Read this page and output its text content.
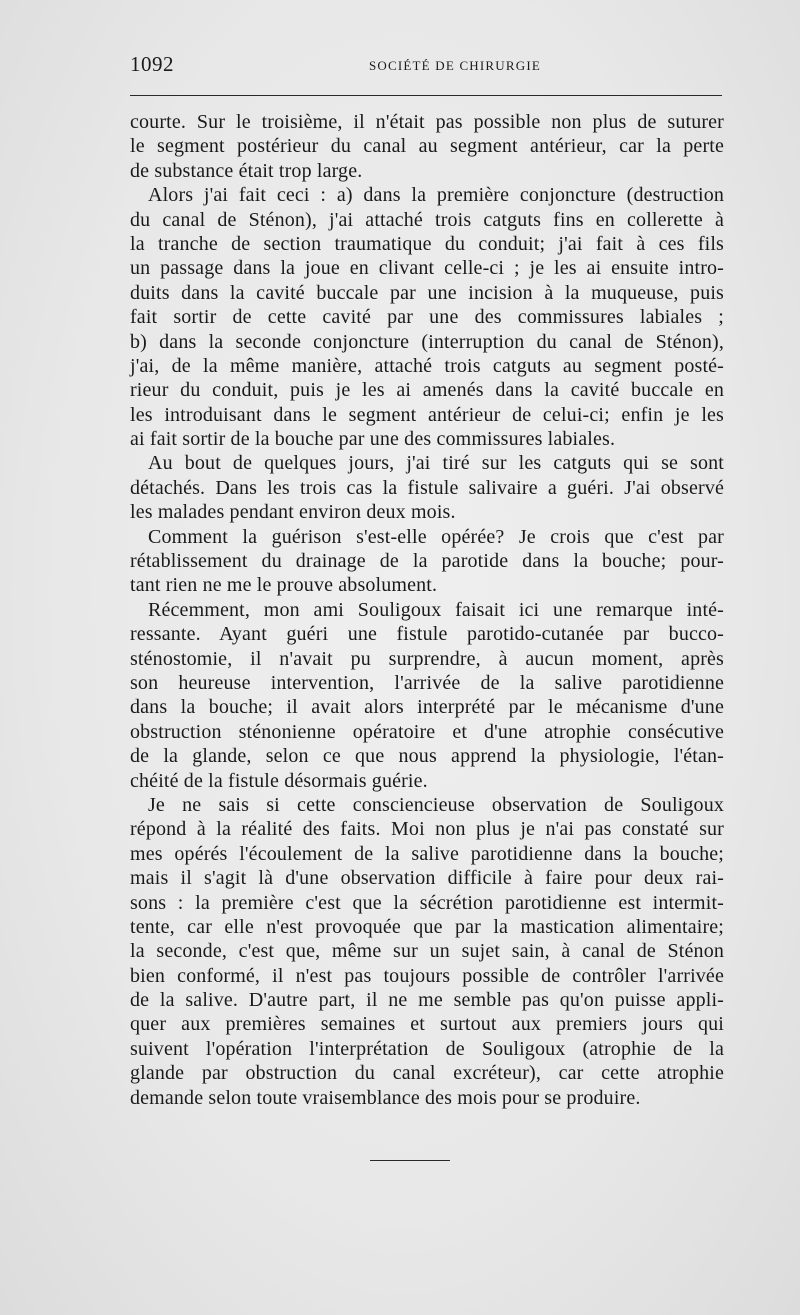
1092	SOCIÉTÉ DE CHIRURGIE
courte. Sur le troisième, il n'était pas possible non plus de suturer
le segment postérieur du canal au segment antérieur, car la perte
de substance était trop large.
Alors j'ai fait ceci : a) dans la première conjoncture (destruction
du canal de Sténon), j'ai attaché trois catguts fins en collerette à
la tranche de section traumatique du conduit; j'ai fait à ces fils
un passage dans la joue en clivant celle-ci ; je les ai ensuite intro-
duits dans la cavité buccale par une incision à la muqueuse, puis
fait sortir de cette cavité par une des commissures labiales ;
b) dans la seconde conjoncture (interruption du canal de Sténon),
j'ai, de la même manière, attaché trois catguts au segment posté-
rieur du conduit, puis je les ai amenés dans la cavité buccale en
les introduisant dans le segment antérieur de celui-ci; enfin je les
ai fait sortir de la bouche par une des commissures labiales.
Au bout de quelques jours, j'ai tiré sur les catguts qui se sont
détachés. Dans les trois cas la fistule salivaire a guéri. J'ai observé
les malades pendant environ deux mois.
Comment la guérison s'est-elle opérée? Je crois que c'est par
rétablissement du drainage de la parotide dans la bouche; pour-
tant rien ne me le prouve absolument.
Récemment, mon ami Souligoux faisait ici une remarque inté-
ressante. Ayant guéri une fistule parotido-cutanée par bucco-
sténostomie, il n'avait pu surprendre, à aucun moment, après
son heureuse intervention, l'arrivée de la salive parotidienne
dans la bouche; il avait alors interprété par le mécanisme d'une
obstruction sténonienne opératoire et d'une atrophie consécutive
de la glande, selon ce que nous apprend la physiologie, l'étan-
chéité de la fistule désormais guérie.
Je ne sais si cette consciencieuse observation de Souligoux
répond à la réalité des faits. Moi non plus je n'ai pas constaté sur
mes opérés l'écoulement de la salive parotidienne dans la bouche;
mais il s'agit là d'une observation difficile à faire pour deux rai-
sons : la première c'est que la sécrétion parotidienne est intermit-
tente, car elle n'est provoquée que par la mastication alimentaire;
la seconde, c'est que, même sur un sujet sain, à canal de Sténon
bien conformé, il n'est pas toujours possible de contrôler l'arrivée
de la salive. D'autre part, il ne me semble pas qu'on puisse appli-
quer aux premières semaines et surtout aux premiers jours qui
suivent l'opération l'interprétation de Souligoux (atrophie de la
glande par obstruction du canal excréteur), car cette atrophie
demande selon toute vraisemblance des mois pour se produire.
